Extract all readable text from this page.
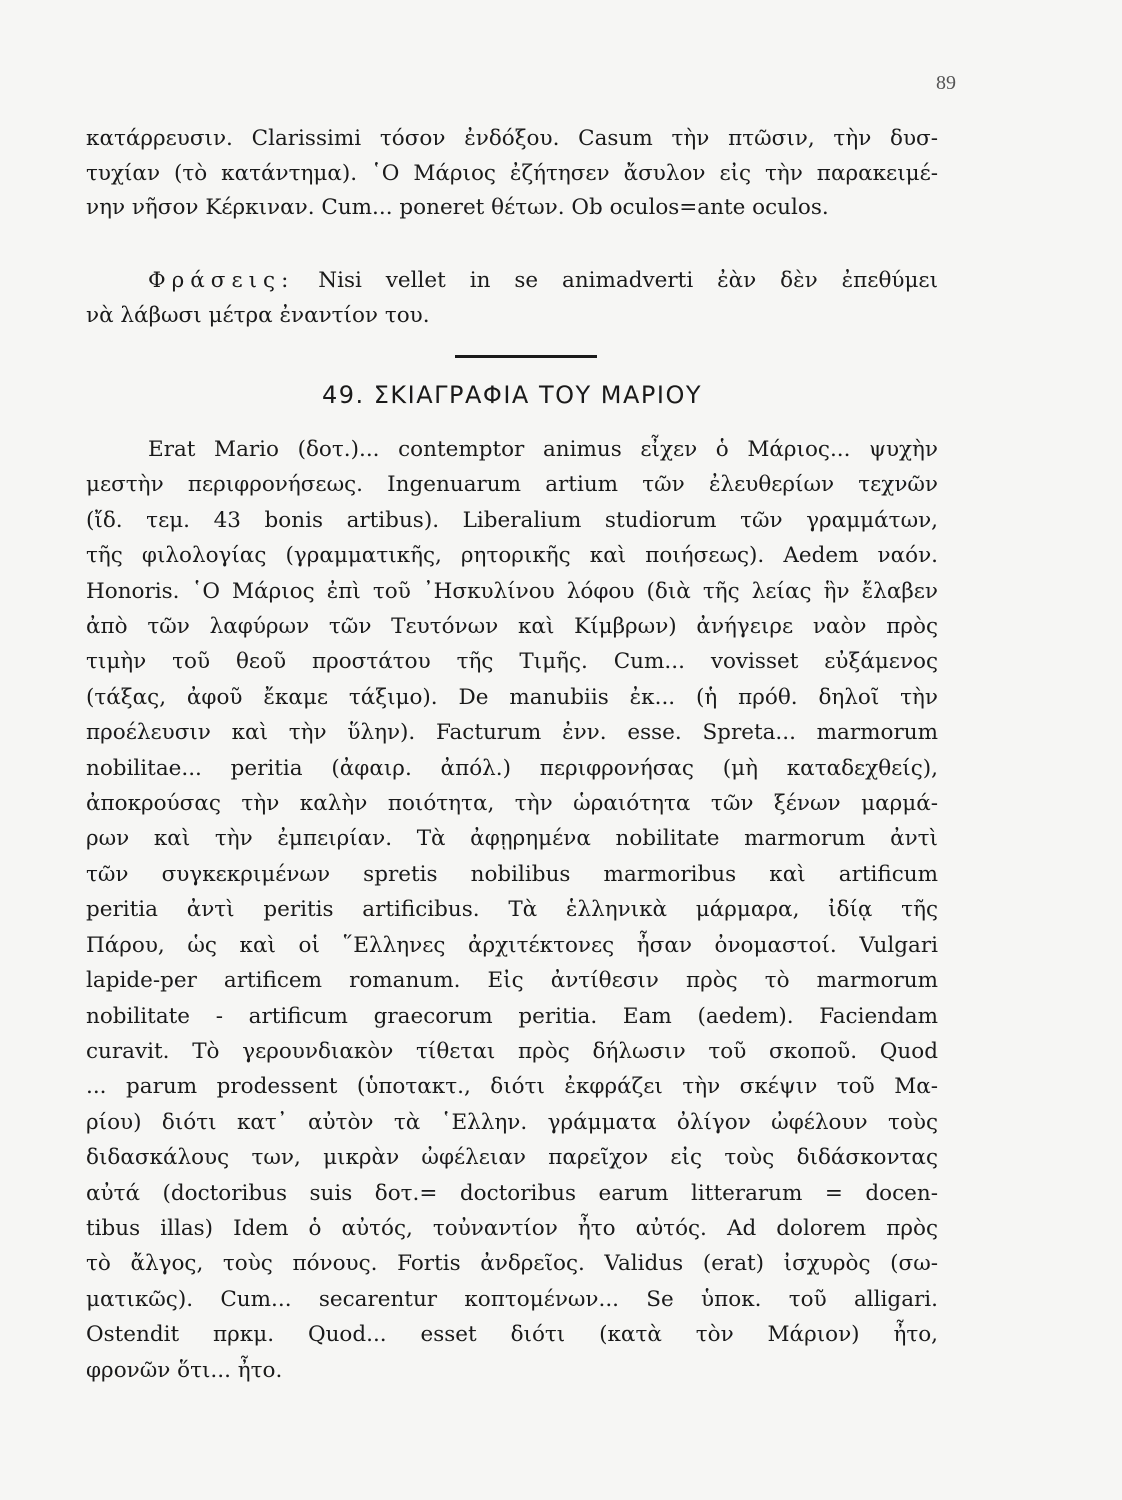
89
κατάρρευσιν. Clarissimi τόσον ἐνδόξου. Casum τὴν πτῶσιν, τὴν δυσ-
τυχίαν (τὸ κατάντημα). ῾Ο Μάριος ἐζήτησεν ἄσυλον εἰς τὴν παρακειμέ-
νην νῆσον Κέρκιναν. Cum... poneret θέτων. Ob oculos=ante oculos.
Φράσεις: Nisi vellet in se animadverti ἐὰν δὲν ἐπεθύμει
νὰ λάβωσι μέτρα ἐναντίον του.
49. ΣΚΙΑΓΡΑΦΙΑ ΤΟΥ ΜΑΡΙΟΥ
Erat Mario (δοτ.)... contemptor animus εἶχεν ὁ Μάριος... ψυχὴν
μεστὴν περιφρονήσεως. Ingenuarum artium τῶν ἐλευθερίων τεχνῶν
(ἴδ. τεμ. 43 bonis artibus). Liberalium studiorum τῶν γραμμάτων,
τῆς φιλολογίας (γραμματικῆς, ρητορικῆς καὶ ποιήσεως). Aedem ναόν.
Honoris. ῾Ο Μάριος ἐπὶ τοῦ ᾿Ησκυλίνου λόφου (διὰ τῆς λείας ἣν ἔλαβεν
ἀπὸ τῶν λαφύρων τῶν Τευτόνων καὶ Κίμβρων) ἀνήγειρε ναὸν πρὸς
τιμὴν τοῦ θεοῦ προστάτου τῆς Τιμῆς. Cum... vovisset εὐξάμενος
(τάξας, ἀφοῦ ἔκαμε τάξιμο). De manubiis ἐκ... (ἡ πρόθ. δηλοῖ τὴν
προέλευσιν καὶ τὴν ὕλην). Facturum ἐνν. esse. Spreta... marmorum
nobilitae... peritia (ἀφαιρ. ἀπόλ.) περιφρονήσας (μὴ καταδεχθείς),
ἀποκρούσας τὴν καλὴν ποιότητα, τὴν ὡραιότητα τῶν ξένων μαρμά-
ρων καὶ τὴν ἐμπειρίαν. Τὰ ἀφῃρημένα nobilitate marmorum ἀντὶ
τῶν συγκεκριμένων spretis nobilibus marmoribus καὶ artificum
peritia ἀντὶ peritis artificibus. Τὰ ἑλληνικὰ μάρμαρα, ἰδίᾳ τῆς
Πάρου, ὡς καὶ οἱ ῞Ελληνες ἀρχιτέκτονες ἦσαν ὀνομαστοί. Vulgari
lapide-per artificem romanum. Εἰς ἀντίθεσιν πρὸς τὸ marmorum
nobilitate - artificum graecorum peritia. Eam (aedem). Faciendam
curavit. Τὸ γερουνδιακὸν τίθεται πρὸς δήλωσιν τοῦ σκοποῦ. Quod
... parum prodessent (ὑποτακτ., διότι ἐκφράζει τὴν σκέψιν τοῦ Μα-
ρίου) διότι κατ᾿ αὐτὸν τὰ ῾Ελλην. γράμματα ὀλίγον ὠφέλουν τοὺς
διδασκάλους των, μικρὰν ὠφέλειαν παρεῖχον εἰς τοὺς διδάσκοντας
αὐτά (doctoribus suis δοτ.= doctoribus earum litterarum = docen-
tibus illas) Idem ὁ αὐτός, τοὐναντίον ἦτο αὐτός. Ad dolorem πρὸς
τὸ ἄλγος, τοὺς πόνους. Fortis ἀνδρεῖος. Validus (erat) ἰσχυρὸς (σω-
ματικῶς). Cum... secarentur κοπτομένων... Se ὑποκ. τοῦ alligari.
Ostendit πρκμ. Quod... esset διότι (κατὰ τὸν Μάριον) ἦτο,
φρονῶν ὅτι... ἦτο.
